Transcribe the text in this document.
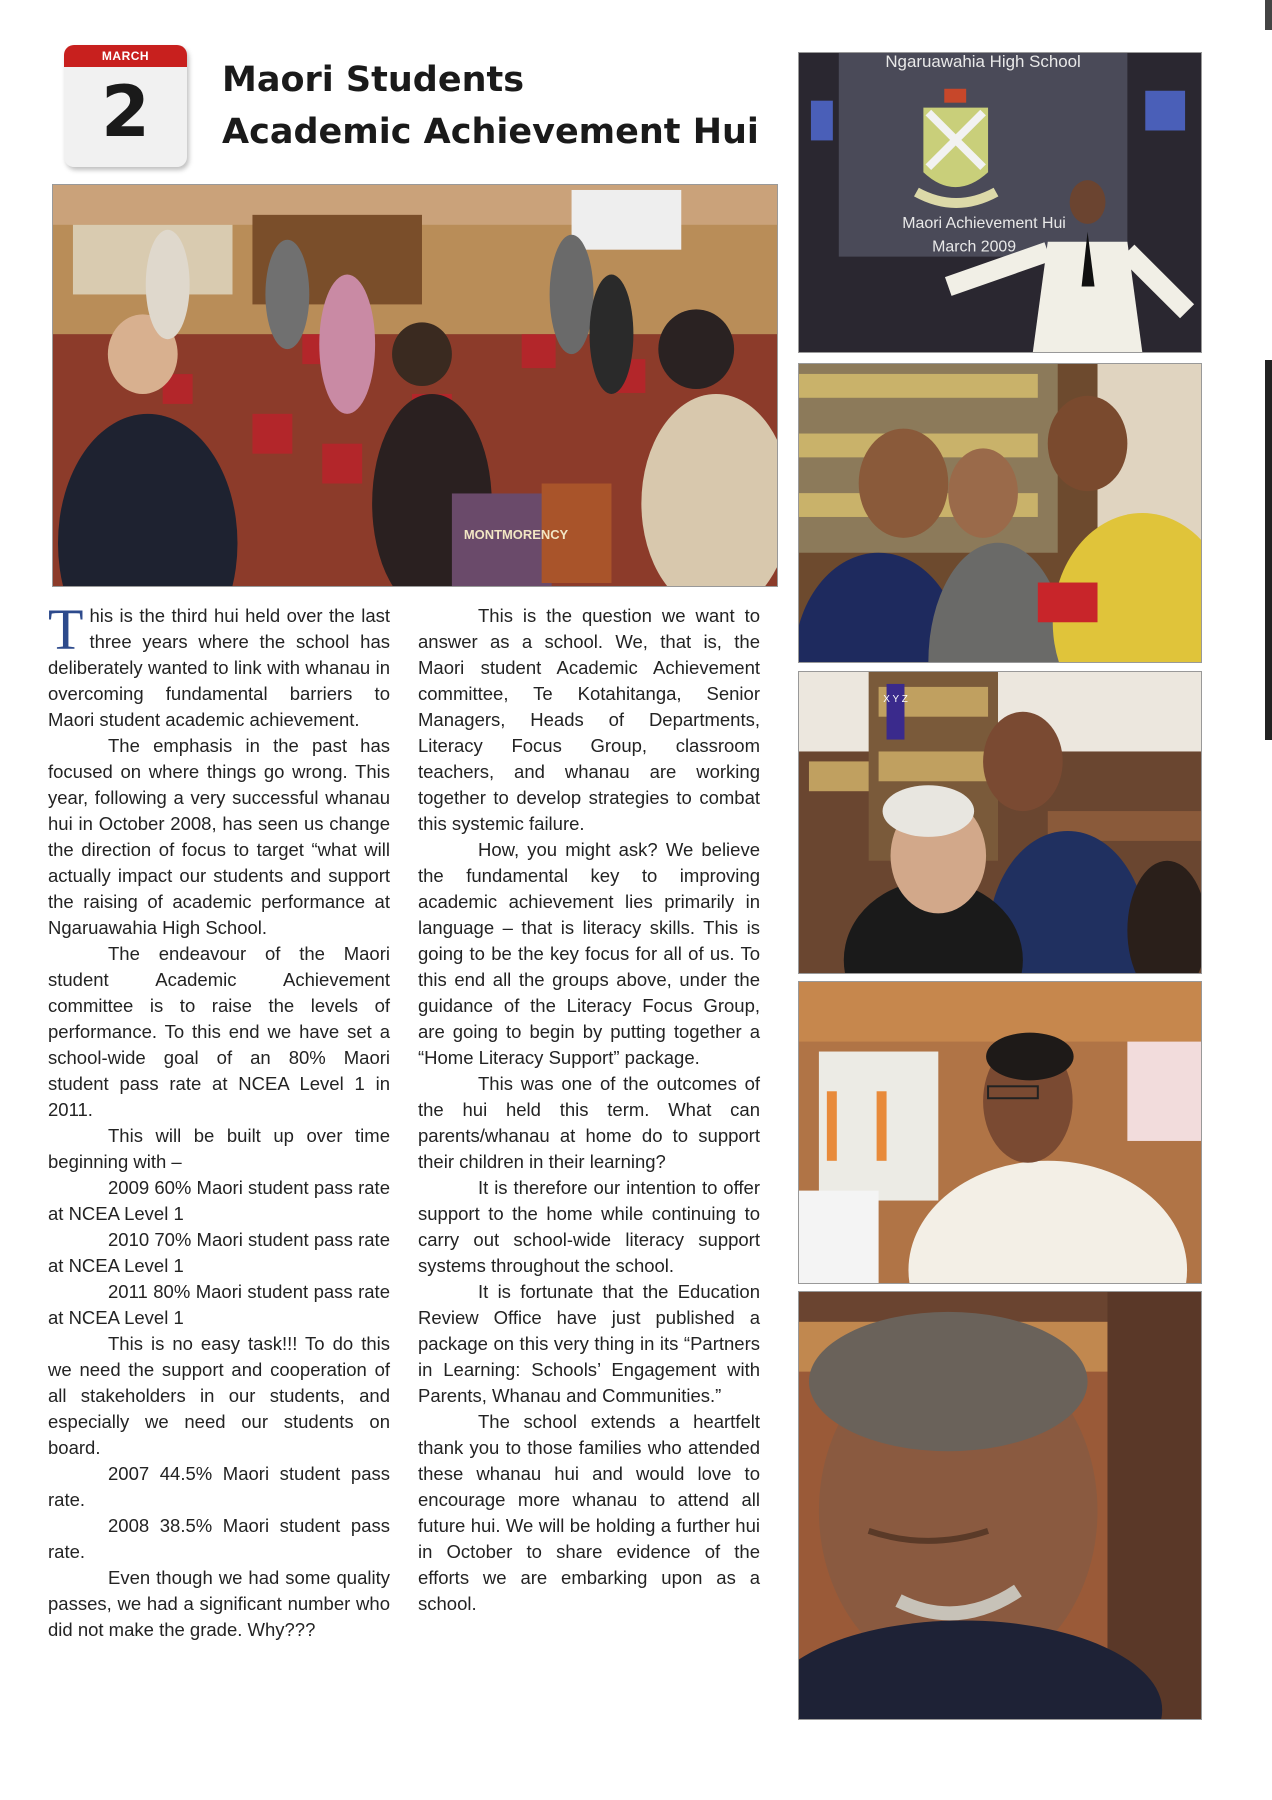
MARCH
2	Maori Students
Academic Achievement Hui
MONTMORENCY
Ngaruawahia High School
Maori Achievement Hui
March 2009
X Y Z

This is the third hui held over the last three years where the school has deliberately wanted to link with whanau in overcoming fundamental barriers to Maori student academic achievement.

The emphasis in the past has focused on where things go wrong. This year, following a very successful whanau hui in October 2008, has seen us change the direction of focus to target “what will actually impact our students and support the raising of academic performance at Ngaruawahia High School.

The endeavour of the Maori student Academic Achievement committee is to raise the levels of performance. To this end we have set a school-wide goal of an 80% Maori student pass rate at NCEA Level 1 in 2011.

This will be built up over time beginning with –

2009 60% Maori student pass rate at NCEA Level 1

2010 70% Maori student pass rate at NCEA Level 1

2011 80% Maori student pass rate at NCEA Level 1

This is no easy task!!! To do this we need the support and cooperation of all stakeholders in our students, and especially we need our students on board.

2007 44.5% Maori student pass rate.

2008 38.5% Maori student pass rate.

Even though we had some quality passes, we had a significant number who did not make the grade. Why???

This is the question we want to answer as a school. We, that is, the Maori student Academic Achievement committee, Te Kotahitanga, Senior Managers, Heads of Departments, Literacy Focus Group, classroom teachers, and whanau are working together to develop strategies to combat this systemic failure.

How, you might ask? We believe the fundamental key to improving academic achievement lies primarily in language – that is literacy skills. This is going to be the key focus for all of us. To this end all the groups above, under the guidance of the Literacy Focus Group, are going to begin by putting together a “Home Literacy Support” package.

This was one of the outcomes of the hui held this term. What can parents/whanau at home do to support their children in their learning?

It is therefore our intention to offer support to the home while continuing to carry out school-wide literacy support systems throughout the school.

It is fortunate that the Education Review Office have just published a package on this very thing in its “Partners in Learning: Schools’ Engagement with Parents, Whanau and Communities.”

The school extends a heartfelt thank you to those families who attended these whanau hui and would love to encourage more whanau to attend all future hui. We will be holding a further hui in October to share evidence of the efforts we are embarking upon as a school.
